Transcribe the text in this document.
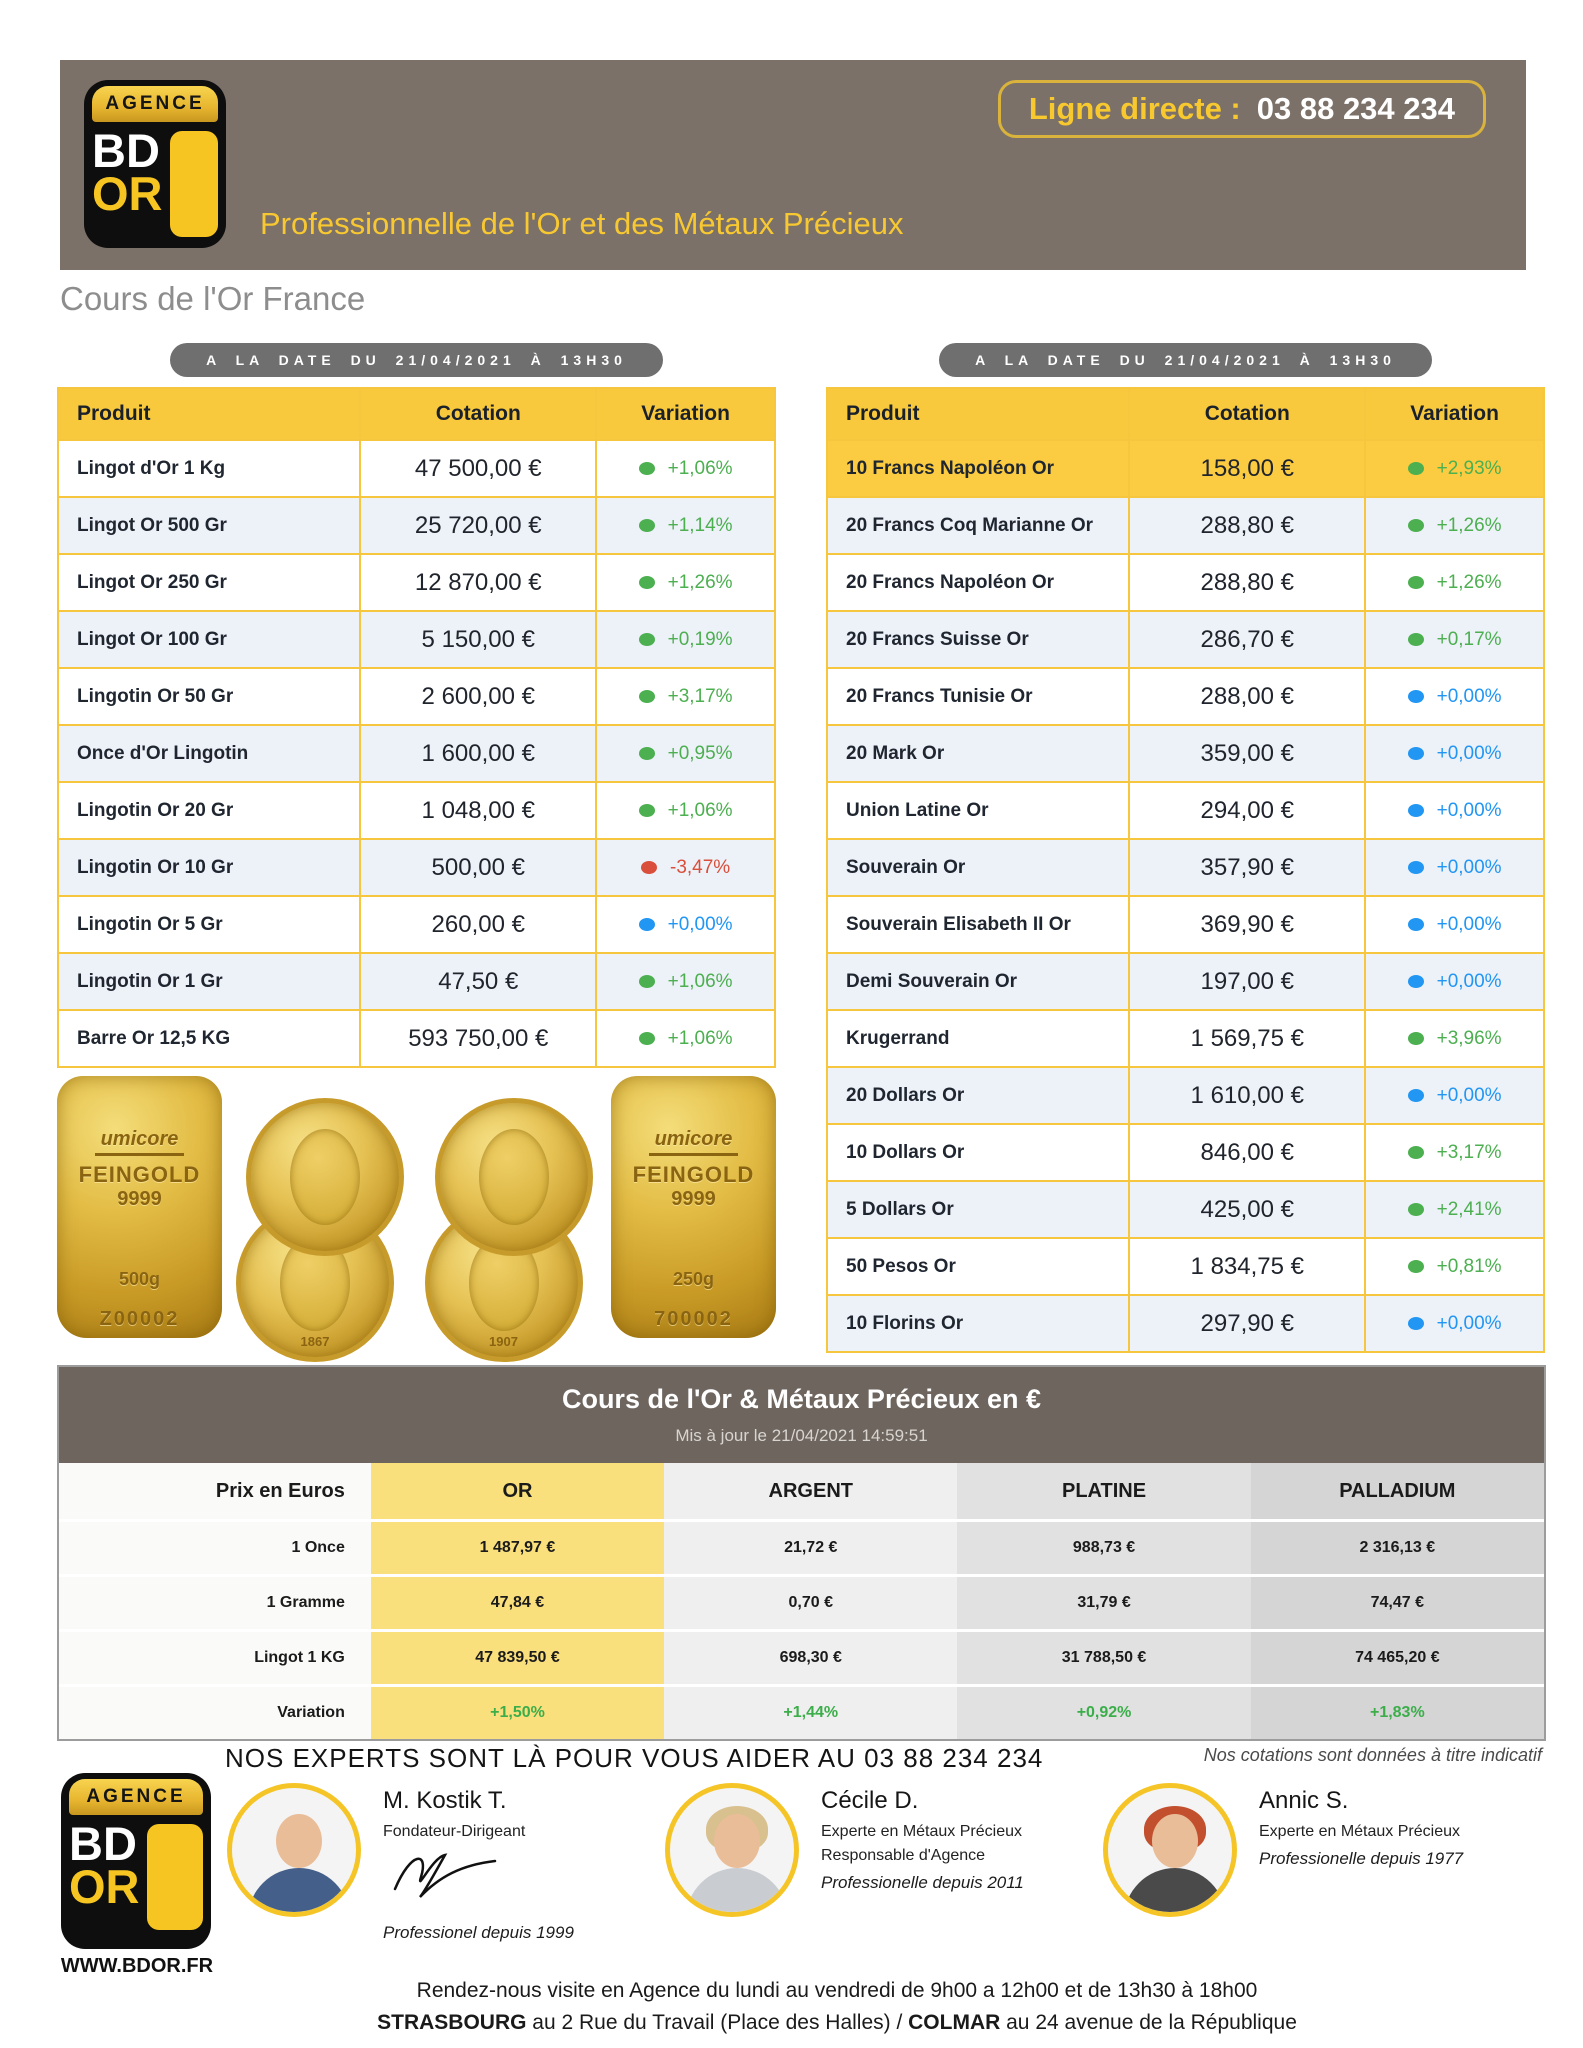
AGENCE
BD
OR
Ligne directe : 03 88 234 234
Professionnelle de l'Or et des Métaux Précieux
Cours de l'Or France
A LA DATE DU 21/04/2021 À 13H30
Produit	Cotation	Variation
Lingot d'Or 1 Kg	47 500,00 €	+1,06%
Lingot Or 500 Gr	25 720,00 €	+1,14%
Lingot Or 250 Gr	12 870,00 €	+1,26%
Lingot Or 100 Gr	5 150,00 €	+0,19%
Lingotin Or 50 Gr	2 600,00 €	+3,17%
Once d'Or Lingotin	1 600,00 €	+0,95%
Lingotin Or 20 Gr	1 048,00 €	+1,06%
Lingotin Or 10 Gr	500,00 €	-3,47%
Lingotin Or 5 Gr	260,00 €	+0,00%
Lingotin Or 1 Gr	47,50 €	+1,06%
Barre Or 12,5 KG	593 750,00 €	+1,06%
A LA DATE DU 21/04/2021 À 13H30
Produit	Cotation	Variation
10 Francs Napoléon Or	158,00 €	+2,93%
20 Francs Coq Marianne Or	288,80 €	+1,26%
20 Francs Napoléon Or	288,80 €	+1,26%
20 Francs Suisse Or	286,70 €	+0,17%
20 Francs Tunisie Or	288,00 €	+0,00%
20 Mark Or	359,00 €	+0,00%
Union Latine Or	294,00 €	+0,00%
Souverain Or	357,90 €	+0,00%
Souverain Elisabeth II Or	369,90 €	+0,00%
Demi Souverain Or	197,00 €	+0,00%
Krugerrand	1 569,75 €	+3,96%
20 Dollars Or	1 610,00 €	+0,00%
10 Dollars Or	846,00 €	+3,17%
5 Dollars Or	425,00 €	+2,41%
50 Pesos Or	1 834,75 €	+0,81%
10 Florins Or	297,90 €	+0,00%
umicore
FEINGOLD
9999
500g
Z00002
1867	1907
umicore
FEINGOLD
9999
250g
700002
Cours de l'Or & Métaux Précieux en €
Mis à jour le 21/04/2021 14:59:51
Prix en Euros	OR	ARGENT	PLATINE	PALLADIUM
1 Once	1 487,97 €	21,72 €	988,73 €	2 316,13 €
1 Gramme	47,84 €	0,70 €	31,79 €	74,47 €
Lingot 1 KG	47 839,50 €	698,30 €	31 788,50 €	74 465,20 €
Variation	+1,50%	+1,44%	+0,92%	+1,83%
AGENCE
BD
OR
WWW.BDOR.FR
NOS EXPERTS SONT LÀ POUR VOUS AIDER AU 03 88 234 234	Nos cotations sont données à titre indicatif
M. Kostik T.
Fondateur-Dirigeant
Professionel depuis 1999
Cécile D.
Experte en Métaux Précieux
Responsable d'Agence
Professionelle depuis 2011
Annic S.
Experte en Métaux Précieux
Professionelle depuis 1977
Rendez-nous visite en Agence du lundi au vendredi de 9h00 a 12h00 et de 13h30 à 18h00
STRASBOURG au 2 Rue du Travail (Place des Halles) / COLMAR au 24 avenue de la République
